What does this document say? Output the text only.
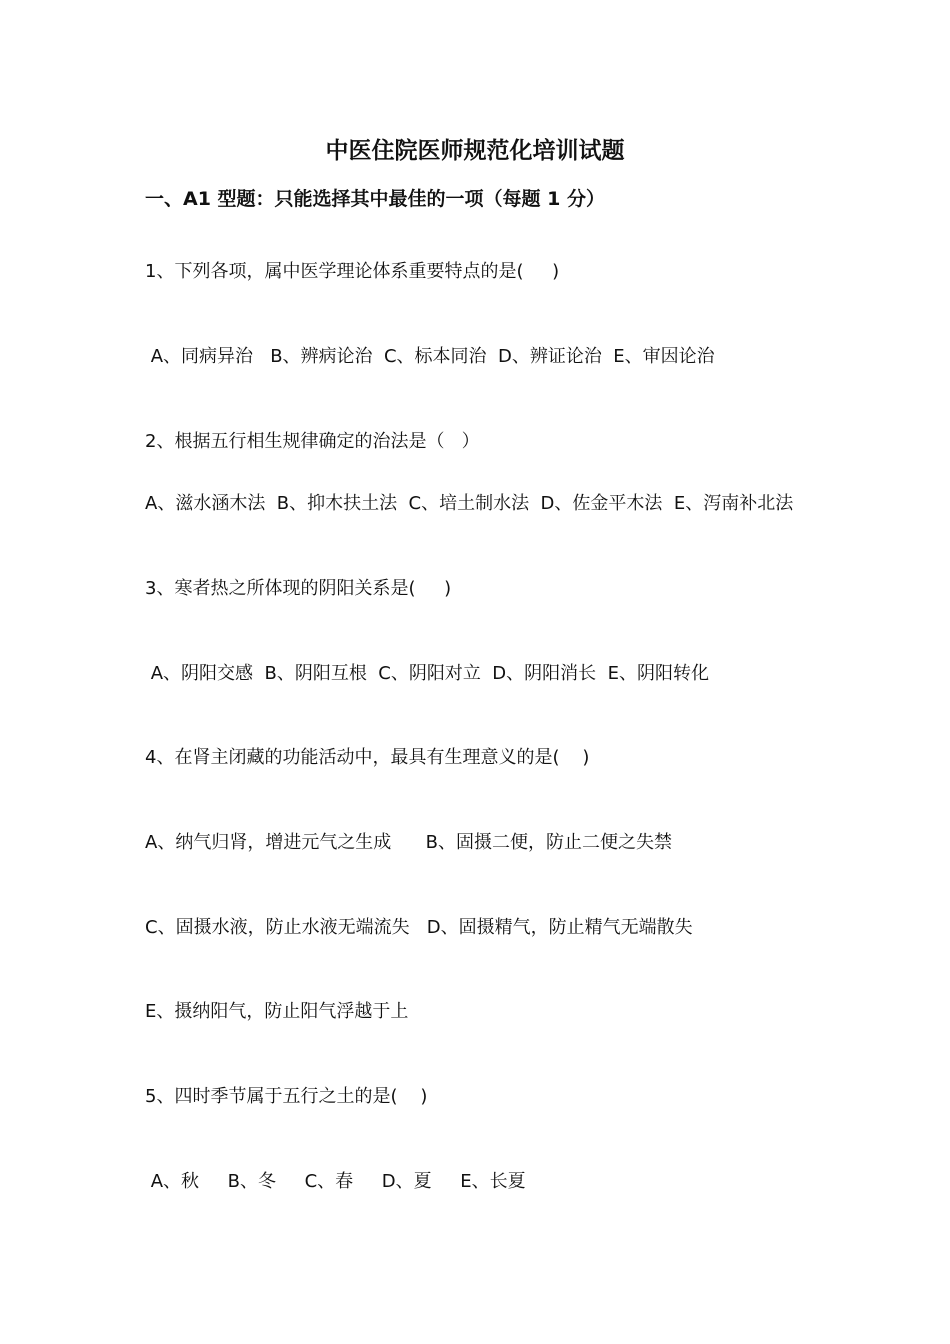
中医住院医师规范化培训试题
一、A1 型题：只能选择其中最佳的一项（每题 1 分）
1、下列各项，属中医学理论体系重要特点的是(     )
A、同病异治   B、辨病论治  C、标本同治  D、辨证论治  E、审因论治
2、根据五行相生规律确定的治法是（   ）
A、滋水涵木法  B、抑木扶土法  C、培土制水法  D、佐金平木法  E、泻南补北法
3、寒者热之所体现的阴阳关系是(     )
A、阴阳交感  B、阴阳互根  C、阴阳对立  D、阴阳消长  E、阴阳转化
4、在肾主闭藏的功能活动中，最具有生理意义的是(    )
A、纳气归肾，增进元气之生成      B、固摄二便，防止二便之失禁
C、固摄水液，防止水液无端流失   D、固摄精气，防止精气无端散失
E、摄纳阳气，防止阳气浮越于上
5、四时季节属于五行之土的是(    )
A、秋     B、冬     C、春     D、夏     E、长夏
